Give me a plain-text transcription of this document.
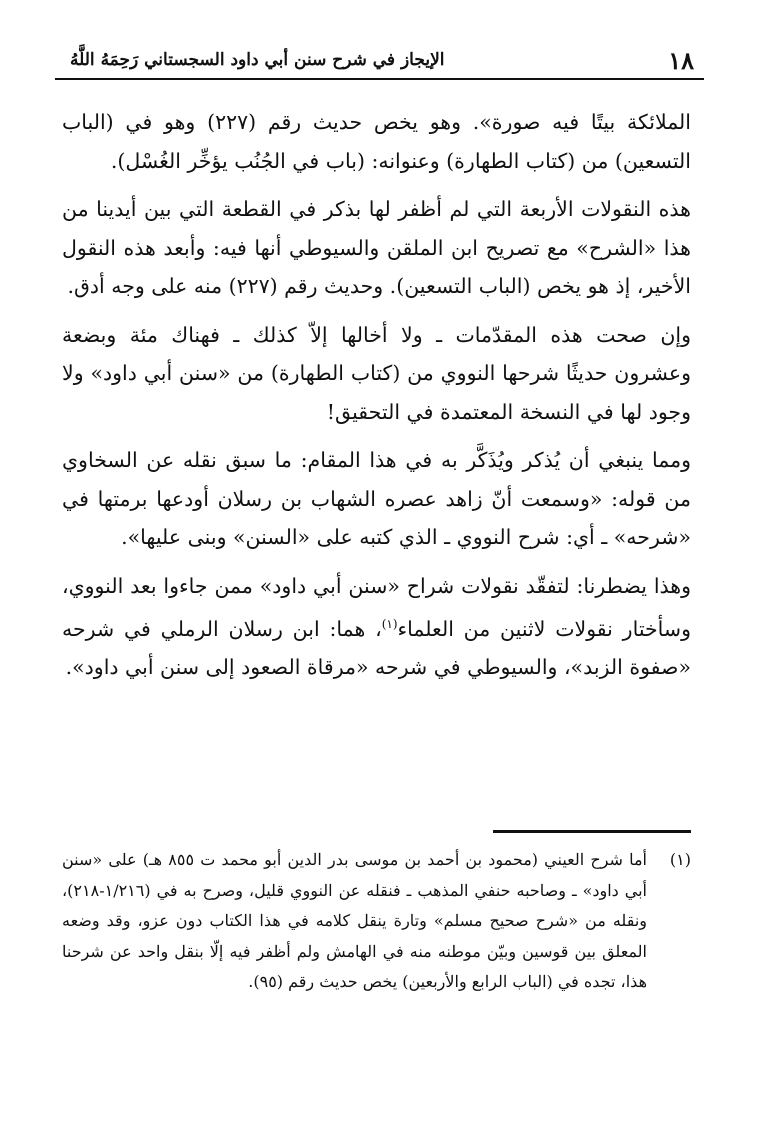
١٨
الإيجاز في شرح سنن أبي داود السجستاني رَحِمَهُ اللَّهُ

الملائكة بيتًا فيه صورة». وهو يخص حديث رقم (٢٢٧) وهو في (الباب التسعين) من (كتاب الطهارة) وعنوانه: (باب في الجُنُب يؤخِّر الغُسْل).

هذه النقولات الأربعة التي لم أظفر لها بذكر في القطعة التي بين أيدينا من هذا «الشرح» مع تصريح ابن الملقن والسيوطي أنها فيه: وأبعد هذه النقول الأخير، إذ هو يخص (الباب التسعين). وحديث رقم (٢٢٧) منه على وجه أدق.

وإن صحت هذه المقدّمات ـ ولا أخالها إلاّ كذلك ـ فهناك مئة وبضعة وعشرون حديثًا شرحها النووي من (كتاب الطهارة) من «سنن أبي داود» ولا وجود لها في النسخة المعتمدة في التحقيق!

ومما ينبغي أن يُذكر ويُذَكَّر به في هذا المقام: ما سبق نقله عن السخاوي من قوله: «وسمعت أنّ زاهد عصره الشهاب بن رسلان أودعها برمتها في «شرحه» ـ أي: شرح النووي ـ الذي كتبه على «السنن» وبنى عليها».

وهذا يضطرنا: لتفقّد نقولات شراح «سنن أبي داود» ممن جاءوا بعد النووي، وسأختار نقولات لاثنين من العلماء$^{(١)}$، هما: ابن رسلان الرملي في شرحه «صفوة الزبد»، والسيوطي في شرحه «مرقاة الصعود إلى سنن أبي داود».

(١)
أما شرح العيني (محمود بن أحمد بن موسى بدر الدين أبو محمد ت ٨٥٥ هـ) على «سنن أبي داود» ـ وصاحبه حنفي المذهب ـ فنقله عن النووي قليل، وصرح به في (١/٢١٦-٢١٨)، ونقله من «شرح صحيح مسلم» وتارة ينقل كلامه في هذا الكتاب دون عزو، وقد وضعه المعلق بين قوسين وبيّن موطنه منه في الهامش ولم أظفر فيه إلّا بنقل واحد عن شرحنا هذا، تجده في (الباب الرابع والأربعين) يخص حديث رقم (٩٥).
